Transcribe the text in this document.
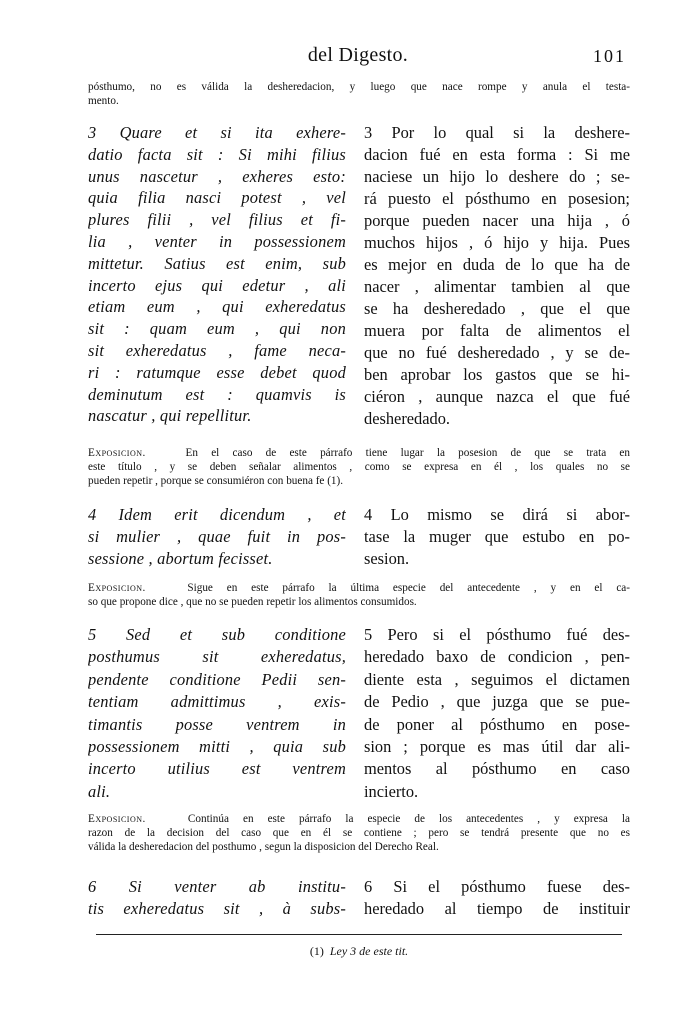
del Digesto.	101
pósthumo, no es válida la desheredacion, y luego que nace rompe y anula el testa-
mento.
3 Quare et si ita exhere-
datio facta sit : Si mihi filius
unus nascetur , exheres esto:
quia filia nasci potest , vel
plures filii , vel filius et fi-
lia , venter in possessionem
mittetur. Satius est enim, sub
incerto ejus qui edetur , ali
etiam eum , qui exheredatus
sit : quam eum , qui non
sit exheredatus , fame neca-
ri : ratumque esse debet quod
deminutum est : quamvis is
nascatur , qui repellitur.
3 Por lo qual si la deshere-
dacion fué en esta forma : Si me
naciese un hijo lo deshere do ; se-
rá puesto el pósthumo en posesion;
porque pueden nacer una hija , ó
muchos hijos , ó hijo y hija. Pues
es mejor en duda de lo que ha de
nacer , alimentar tambien al que
se ha desheredado , que el que
muera por falta de alimentos el
que no fué desheredado , y se de-
ben aprobar los gastos que se hi-
ciéron , aunque nazca el que fué
desheredado.
Exposicion.	En el caso de este párrafo tiene lugar la posesion de que se trata en
este título , y se deben señalar alimentos , como se expresa en él , los quales no se
pueden repetir , porque se consumiéron con buena fe (1).
4 Idem erit dicendum , et
si mulier , quae fuit in pos-
sessione , abortum fecisset.
4 Lo mismo se dirá si abor-
tase la muger que estubo en po-
sesion.
Exposicion.	Sigue en este párrafo la última especie del antecedente , y en el ca-
so que propone dice , que no se pueden repetir los alimentos consumidos.
5 Sed et sub conditione
posthumus sit exheredatus,
pendente conditione Pedii sen-
tentiam admittimus , exis-
timantis posse ventrem in
possessionem mitti , quia sub
incerto utilius est ventrem
ali.
5 Pero si el pósthumo fué des-
heredado baxo de condicion , pen-
diente esta , seguimos el dictamen
de Pedio , que juzga que se pue-
de poner al pósthumo en pose-
sion ; porque es mas útil dar ali-
mentos al pósthumo en caso
incierto.
Exposicion.	Continúa en este párrafo la especie de los antecedentes , y expresa la
razon de la decision del caso que en él se contiene ; pero se tendrá presente que no es
válida la desheredacion del posthumo , segun la disposicion del Derecho Real.
6 Si venter ab institu-
tis exheredatus sit , à subs-
6 Si el pósthumo fuese des-
heredado al tiempo de instituir
(1) Ley 3 de este tit.
